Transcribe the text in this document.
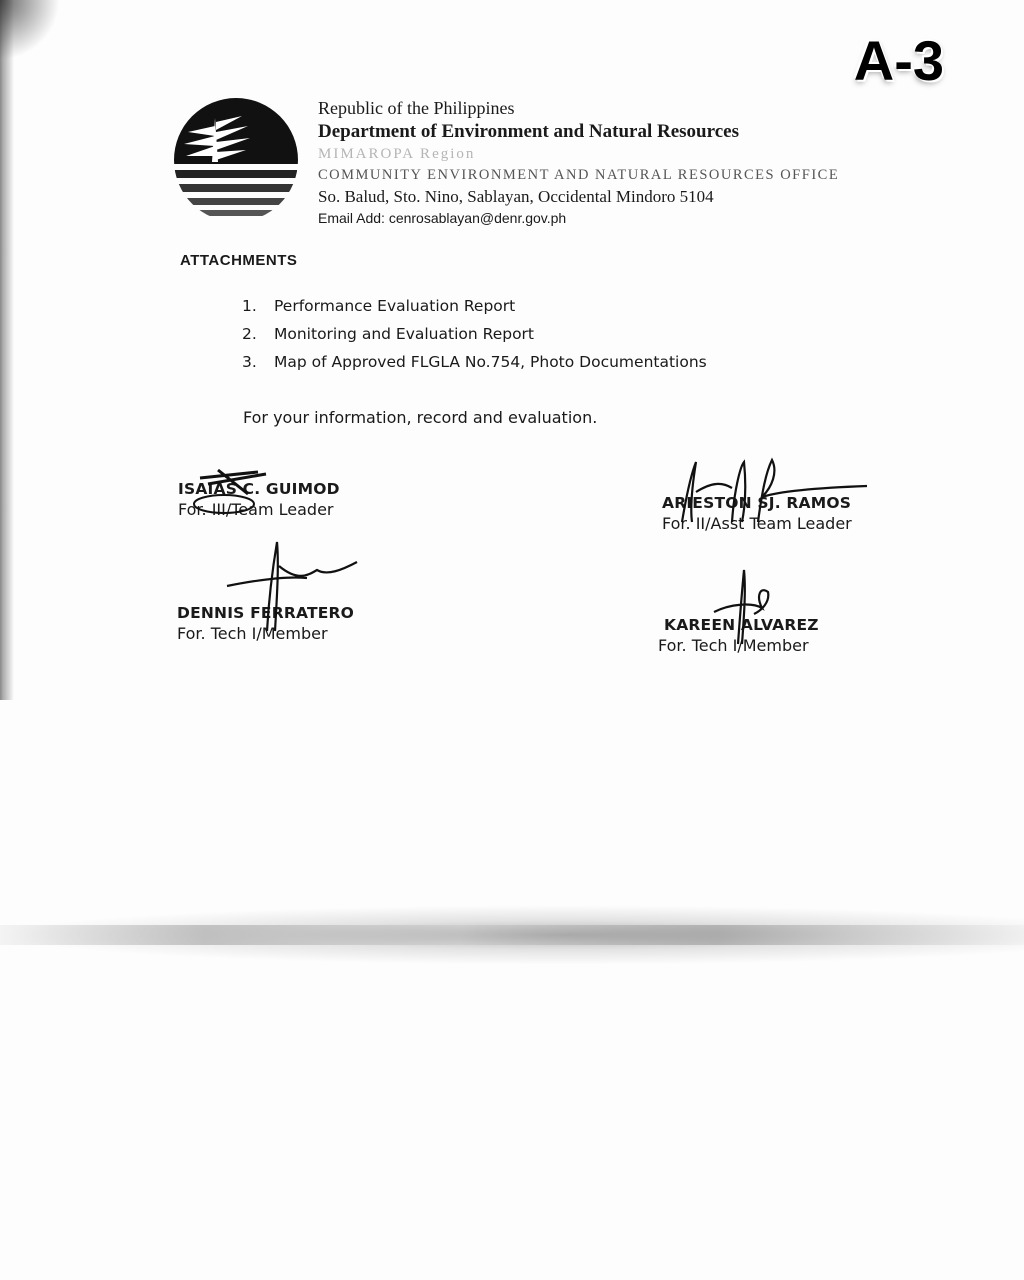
A-3
Republic of the Philippines
Department of Environment and Natural Resources
MIMAROPA Region
COMMUNITY ENVIRONMENT AND NATURAL RESOURCES OFFICE
So. Balud, Sto. Nino, Sablayan, Occidental Mindoro 5104
Email Add: cenrosablayan@denr.gov.ph
ATTACHMENTS
1.	Performance Evaluation Report
2.	Monitoring and Evaluation Report
3.	Map of Approved FLGLA No.754, Photo Documentations
For your information, record and evaluation.
ISAIAS C. GUIMOD
For. III/Team Leader	ARIESTON SJ. RAMOS
For. II/Asst Team Leader
DENNIS FERRATERO
For. Tech I/Member	KAREEN ALVAREZ
For. Tech I/Member
